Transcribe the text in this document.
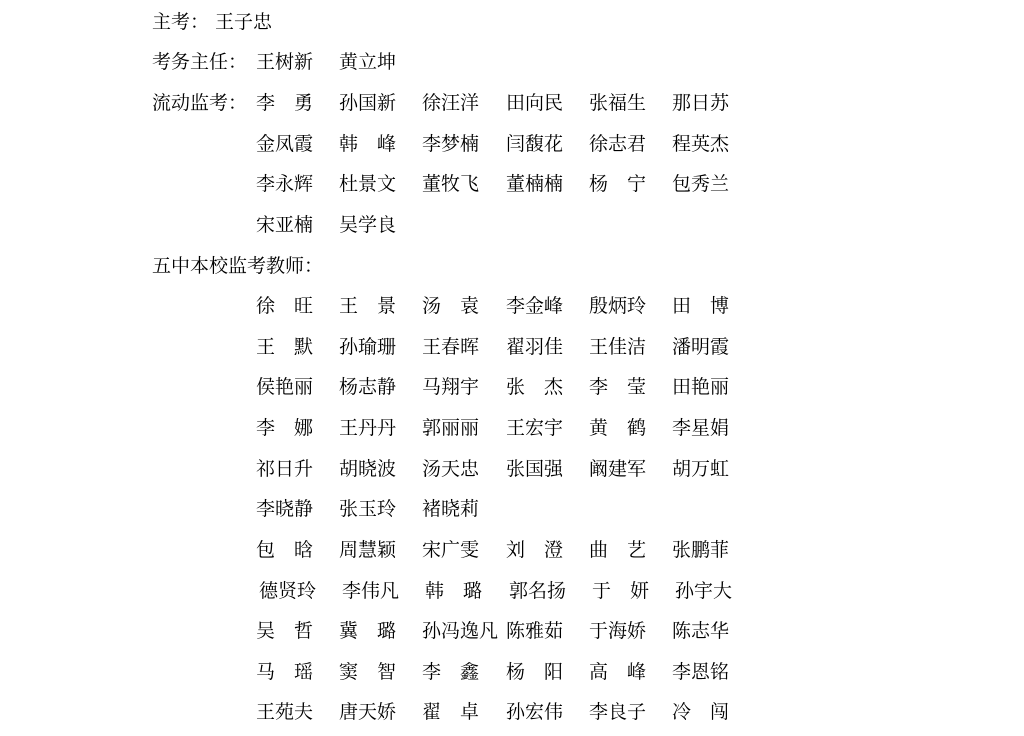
主考： 王子忠
考务主任： 王树新 黄立坤
流动监考： 李　勇 孙国新 徐汪洋 田向民 张福生 那日苏
金凤霞 韩　峰 李梦楠 闫馥花 徐志君 程英杰
李永辉 杜景文 董牧飞 董楠楠 杨　宁 包秀兰
宋亚楠 吴学良
五中本校监考教师：
徐　旺 王　景 汤　袁 李金峰 殷炳玲 田　博
王　默 孙瑜珊 王春晖 翟羽佳 王佳洁 潘明霞
侯艳丽 杨志静 马翔宇 张　杰 李　莹 田艳丽
李　娜 王丹丹 郭丽丽 王宏宇 黄　鹤 李星娟
祁日升 胡晓波 汤天忠 张国强 阚建军 胡万虹
李晓静 张玉玲 褚晓莉
包　晗 周慧颖 宋广雯 刘　澄 曲　艺 张鹏菲
德贤玲 李伟凡 韩　璐 郭名扬 于　妍 孙宇大
吴　哲 冀　璐 孙冯逸凡 陈雅茹 于海娇 陈志华
马　瑶 窦　智 李　鑫 杨　阳 高　峰 李恩铭
王苑夫 唐天娇 翟　卓 孙宏伟 李良子 冷　闯
